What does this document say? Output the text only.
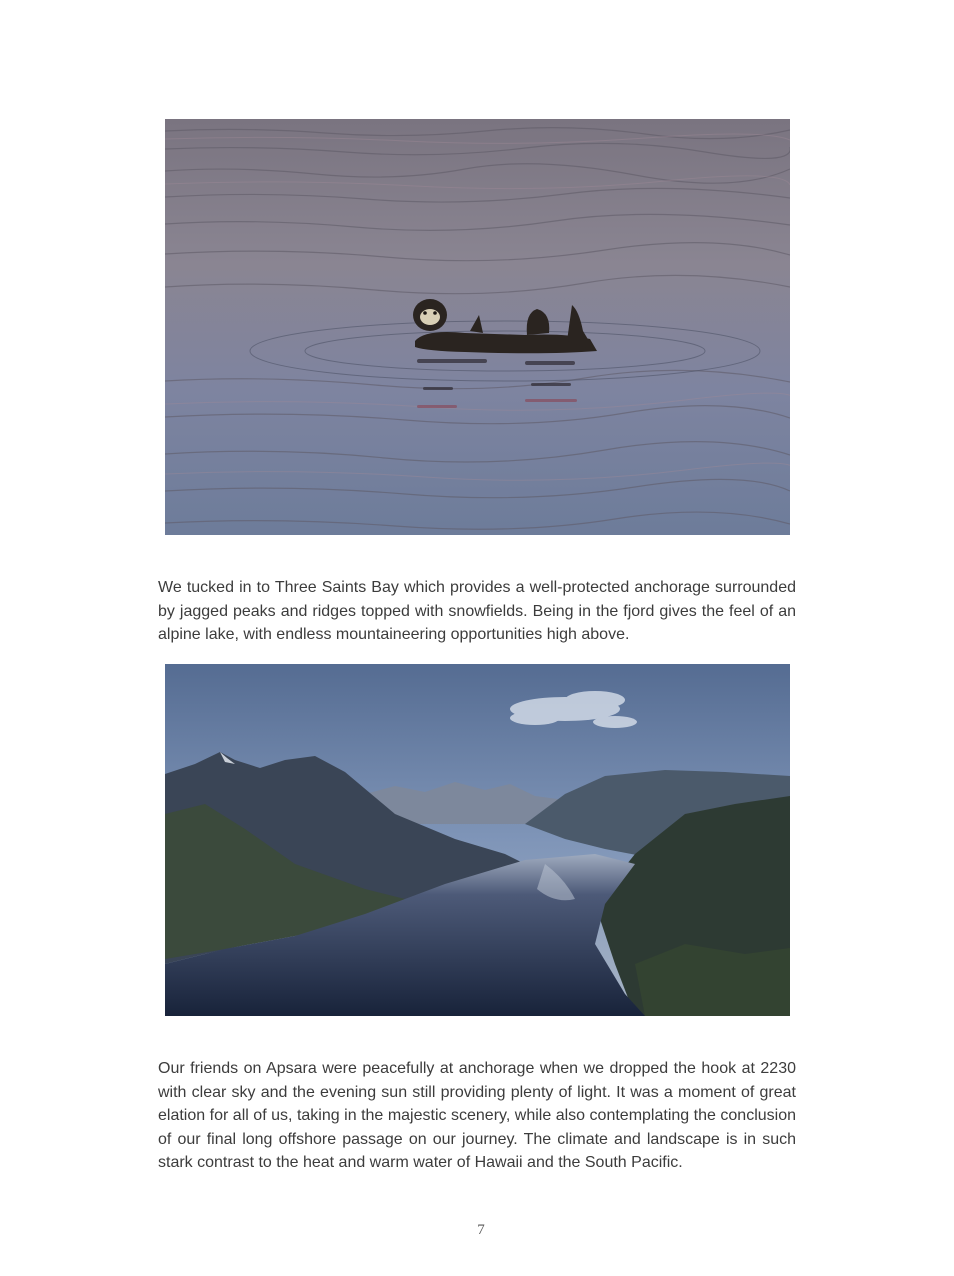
We tucked in to Three Saints Bay which provides a well-protected anchorage surrounded by jagged peaks and ridges topped with snowfields. Being in the fjord gives the feel of an alpine lake, with endless mountaineering opportunities high above.

Our friends on Apsara were peacefully at anchorage when we dropped the hook at 2230 with clear sky and the evening sun still providing plenty of light. It was a moment of great elation for all of us, taking in the majestic scenery, while also contemplating the conclusion of our final long offshore passage on our journey. The climate and landscape is in such stark contrast to the heat and warm water of Hawaii and the South Pacific.

7
